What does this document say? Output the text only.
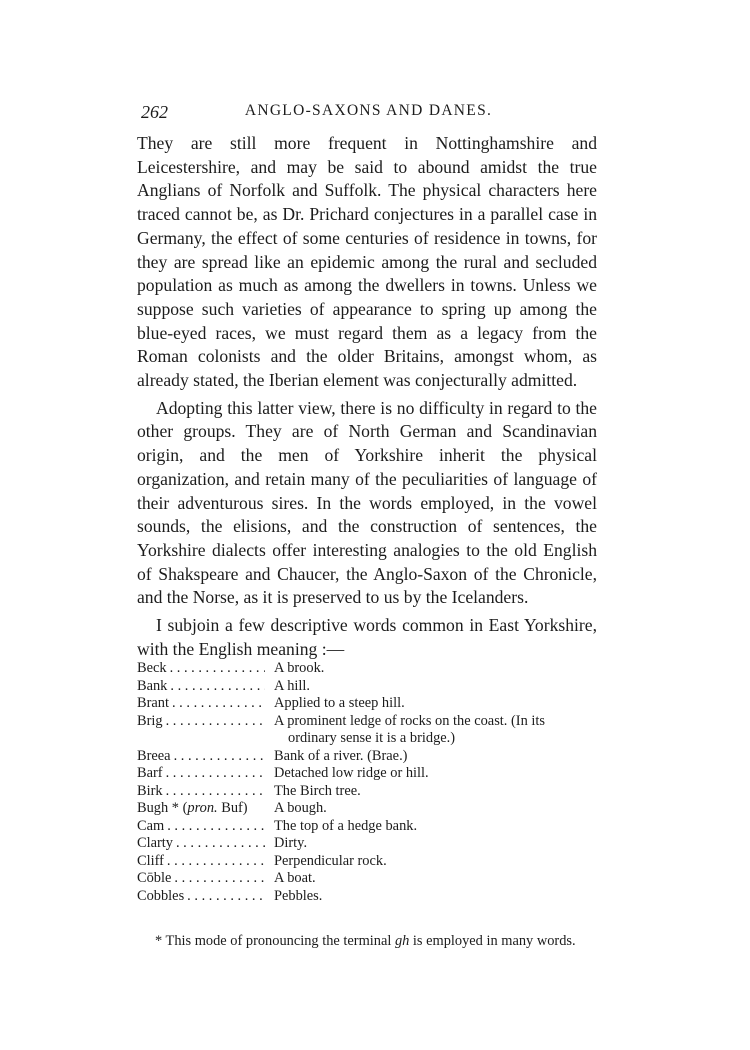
262	ANGLO-SAXONS AND DANES.

They are still more frequent in Nottinghamshire and Leicestershire, and may be said to abound amidst the true Anglians of Norfolk and Suffolk. The physical characters here traced cannot be, as Dr. Prichard conjectures in a parallel case in Germany, the effect of some centuries of residence in towns, for they are spread like an epidemic among the rural and secluded population as much as among the dwellers in towns. Unless we suppose such varieties of appearance to spring up among the blue-eyed races, we must regard them as a legacy from the Roman colonists and the older Britains, amongst whom, as already stated, the Iberian element was conjecturally admitted.

Adopting this latter view, there is no difficulty in regard to the other groups. They are of North German and Scandinavian origin, and the men of Yorkshire inherit the physical organization, and retain many of the peculiarities of language of their adventurous sires. In the words employed, in the vowel sounds, the elisions, and the construction of sentences, the Yorkshire dialects offer interesting analogies to the old English of Shakspeare and Chaucer, the Anglo-Saxon of the Chronicle, and the Norse, as it is preserved to us by the Icelanders.

I subjoin a few descriptive words common in East Yorkshire, with the English meaning :—

Beck . . .	A brook.
Bank . . .	A hill.
Brant . . .	Applied to a steep hill.
Brig . . .	A prominent ledge of rocks on the coast. (In its
ordinary sense it is a bridge.)
Breea . . .	Bank of a river. (Brae.)
Barf . . .	Detached low ridge or hill.
Birk . . .	The Birch tree.
Bugh * (pron. Buf)	A bough.
Cam . . .	The top of a hedge bank.
Clarty . . .	Dirty.
Cliff . . .	Perpendicular rock.
Cōble . . .	A boat.
Cobbles . . .	Pebbles.

* This mode of pronouncing the terminal gh is employed in many words.
